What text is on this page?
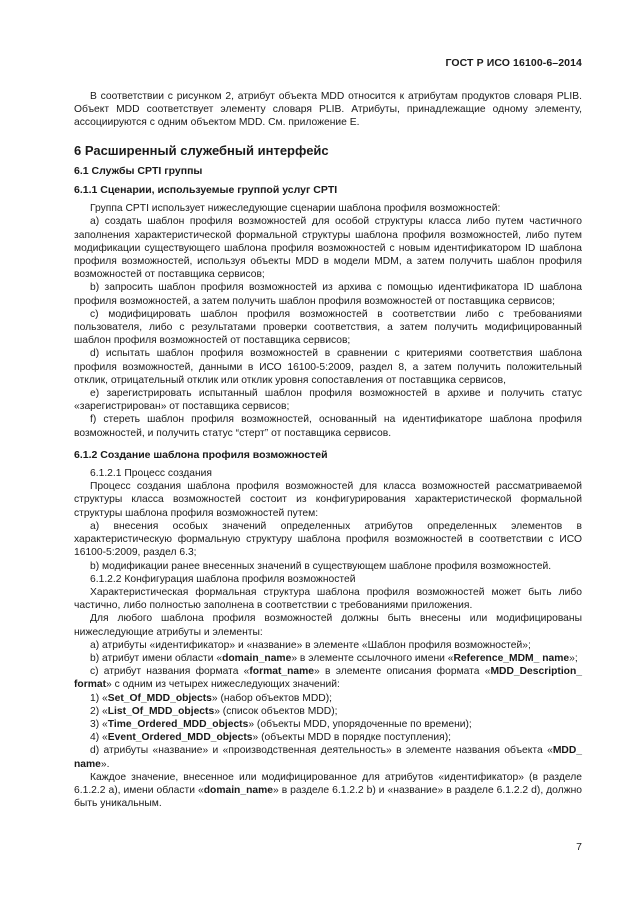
ГОСТ Р ИСО 16100-6–2014

В соответствии с рисунком 2, атрибут объекта MDD относится к атрибутам продуктов словаря PLIB. Объект MDD соответствует элементу словаря PLIB. Атрибуты, принадлежащие одному элементу, ассоциируются с одним объектом MDD. См. приложение Е.

6 Расширенный служебный интерфейс
6.1 Службы CPTI группы
6.1.1 Сценарии, используемые группой услуг CPTI

Группа CPTI использует нижеследующие сценарии шаблона профиля возможностей:

a) создать шаблон профиля возможностей для особой структуры класса либо путем частичного заполнения характеристической формальной структуры шаблона профиля возможностей, либо путем модификации существующего шаблона профиля возможностей с новым идентификатором ID шаблона профиля возможностей, используя объекты MDD в модели MDM, а затем получить шаблон профиля возможностей от поставщика сервисов;

b) запросить шаблон профиля возможностей из архива с помощью идентификатора ID шаблона профиля возможностей, а затем получить шаблон профиля возможностей от поставщика сервисов;

c) модифицировать шаблон профиля возможностей в соответствии либо с требованиями пользователя, либо с результатами проверки соответствия, а затем получить модифицированный шаблон профиля возможностей от поставщика сервисов;

d) испытать шаблон профиля возможностей в сравнении с критериями соответствия шаблона профиля возможностей, данными в ИСО 16100-5:2009, раздел 8, а затем получить положительный отклик, отрицательный отклик или отклик уровня сопоставления от поставщика сервисов,

e) зарегистрировать испытанный шаблон профиля возможностей в архиве и получить статус «зарегистрирован» от поставщика сервисов;

f) стереть шаблон профиля возможностей, основанный на идентификаторе шаблона профиля возможностей, и получить статус “стерт” от поставщика сервисов.

6.1.2 Создание шаблона профиля возможностей

6.1.2.1 Процесс создания

Процесс создания шаблона профиля возможностей для класса возможностей рассматриваемой структуры класса возможностей состоит из конфигурирования характеристической формальной структуры шаблона профиля возможностей путем:

a) внесения особых значений определенных атрибутов определенных элементов в характеристическую формальную структуру шаблона профиля возможностей в соответствии с ИСО 16100-5:2009, раздел 6.3;

b) модификации ранее внесенных значений в существующем шаблоне профиля возможностей.

6.1.2.2 Конфигурация шаблона профиля возможностей

Характеристическая формальная структура шаблона профиля возможностей может быть либо частично, либо полностью заполнена в соответствии с требованиями приложения.

Для любого шаблона профиля возможностей должны быть внесены или модифицированы нижеследующие атрибуты и элементы:

a) атрибуты «идентификатор» и «название» в элементе «Шаблон профиля возможностей»;

b) атрибут имени области «domain_name» в элементе ссылочного имени «Reference_MDM_ name»;

c) атрибут названия формата «format_name» в элементе описания формата «MDD_Description_ format» с одним из четырех нижеследующих значений:

1) «Set_Of_MDD_objects» (набор объектов MDD);

2) «List_Of_MDD_objects» (список объектов MDD);

3) «Time_Ordered_MDD_objects» (объекты MDD, упорядоченные по времени);

4) «Event_Ordered_MDD_objects» (объекты MDD в порядке поступления);

d) атрибуты «название» и «производственная деятельность» в элементе названия объекта «MDD_ name».

Каждое значение, внесенное или модифицированное для атрибутов «идентификатор» (в разделе 6.1.2.2 a), имени области «domain_name» в разделе 6.1.2.2 b) и «название» в разделе 6.1.2.2 d), должно быть уникальным.

7
